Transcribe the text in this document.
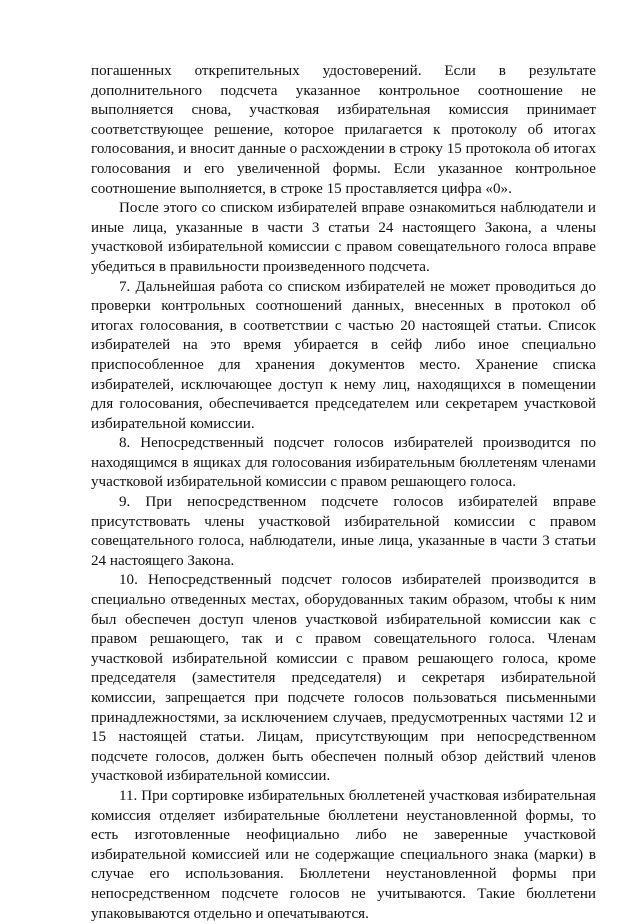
погашенных открепительных удостоверений. Если в результате дополнительного подсчета указанное контрольное соотношение не выполняется снова, участковая избирательная комиссия принимает соответствующее решение, которое прилагается к протоколу об итогах голосования, и вносит данные о расхождении в строку 15 протокола об итогах голосования и его увеличенной формы. Если указанное контрольное соотношение выполняется, в строке 15 проставляется цифра «0».

После этого со списком избирателей вправе ознакомиться наблюдатели и иные лица, указанные в части 3 статьи 24 настоящего Закона, а члены участковой избирательной комиссии с правом совещательного голоса вправе убедиться в правильности произведенного подсчета.

7. Дальнейшая работа со списком избирателей не может проводиться до проверки контрольных соотношений данных, внесенных в протокол об итогах голосования, в соответствии с частью 20 настоящей статьи. Список избирателей на это время убирается в сейф либо иное специально приспособленное для хранения документов место. Хранение списка избирателей, исключающее доступ к нему лиц, находящихся в помещении для голосования, обеспечивается председателем или секретарем участковой избирательной комиссии.

8. Непосредственный подсчет голосов избирателей производится по находящимся в ящиках для голосования избирательным бюллетеням членами участковой избирательной комиссии с правом решающего голоса.

9. При непосредственном подсчете голосов избирателей вправе присутствовать члены участковой избирательной комиссии с правом совещательного голоса, наблюдатели, иные лица, указанные в части 3 статьи 24 настоящего Закона.

10. Непосредственный подсчет голосов избирателей производится в специально отведенных местах, оборудованных таким образом, чтобы к ним был обеспечен доступ членов участковой избирательной комиссии как с правом решающего, так и с правом совещательного голоса. Членам участковой избирательной комиссии с правом решающего голоса, кроме председателя (заместителя председателя) и секретаря избирательной комиссии, запрещается при подсчете голосов пользоваться письменными принадлежностями, за исключением случаев, предусмотренных частями 12 и 15 настоящей статьи. Лицам, присутствующим при непосредственном подсчете голосов, должен быть обеспечен полный обзор действий членов участковой избирательной комиссии.

11. При сортировке избирательных бюллетеней участковая избирательная комиссия отделяет избирательные бюллетени неустановленной формы, то есть изготовленные неофициально либо не заверенные участковой избирательной комиссией или не содержащие специального знака (марки) в случае его использования. Бюллетени неустановленной формы при непосредственном подсчете голосов не учитываются. Такие бюллетени упаковываются отдельно и опечатываются.
